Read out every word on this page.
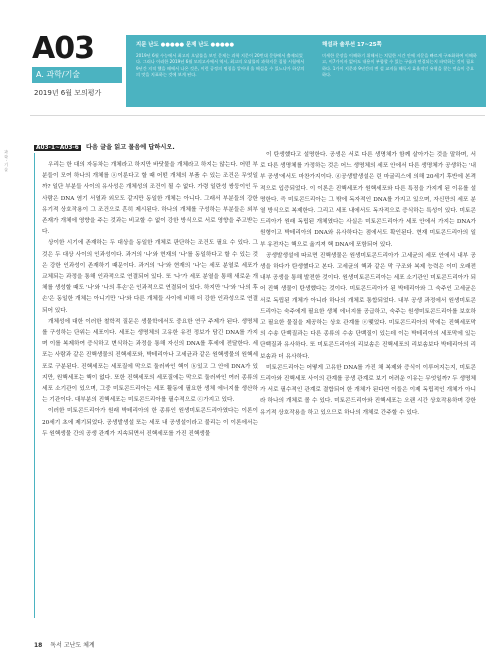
A03
A. 과학/기술
2019년 6월 모의평가
지문 난도 ●●●●● 문제 난도 ●●●●●
2019년 6월 수능에서 최고의 오답률을 보인 문제는 과학 지문이 20번대 문항에서 출제되었다. 그러나 이러한 2019년 6월 모의고사에서 역시, 최고의 오답률의 과학지문 집합 시험에서 9년간 지적 했을 때에서 나온 것은, 이런 공정의 명칭을 알아내 올 해설을 수 있느냐가 하상의의 맛을 지표하는 것에 보게 된다.
해설과 솔루션 17~25쪽
미세한 문장을 이해하기 위해서는 치밀한 시간 안에 지문을 빠르게 구조화하여 이해하고, 이7가이자 없어도 내용이 부합할 수 있는 구술과 연결되는지 파악하는 것이 필요하다. 1가이 지문과 9년간의 변 설 교지를 해독시 효율적인 유형을 찾는 연습이 중요하다.
과학·기술
A03-1~A03-6 다음 글을 읽고 물음에 답하시오.

우리는 한 대의 자동차는 개체라고 하지만 바닷물을 개체라고 하지는 않는다. 어떤 부분들이 모여 하나의 개체를 ⓐ이룬다고 할 때 어떤 개체의 부품 수 있는 조건은 무엇일까? 일단 부분들 사이의 유사성은 개체성의 조건이 될 수 없다. 가령 일란성 쌍둥이인 두 사람은 DNA 염기 서열과 외모도 같지만 동일한 개체는 아니다. 그래서 부분들의 강한 유기적 상호작용이 그 조건으로 흔히 제시된다. 하나의 개체를 구성하는 부분들은 외부 존재가 개체에 영향을 주는 것과는 비교할 수 없이 강한 방식으로 서로 영향을 주고받는다.

상이한 시기에 존재하는 두 대상을 동일한 개체로 판단하는 조건도 필요 수 있다. 그것은 두 대상 사이의 인과성이다. 과거의 '나'와 현재의 '나'를 동일하다고 할 수 있는 것은 강한 인과성이 존재하기 때문이다. 과거의 '나'와 현재의 '나'는 세포 분열로 세포가 교체되는 과정을 통해 인과적으로 연결되어 있다. 또 '나'가 세포 분열을 통해 새로운 개체를 생성할 때도 '나'와 '나의 후손'은 인과적으로 연결되어 있다. 하지만 '나'와 '나의 후손'은 동일한 개체는 아니기만 '나'와 다른 개체들 사이에 비해 더 강한 인과성으로 연결되어 있다.

개체성에 대한 이러한 철학적 질문은 생물학에서도 중요한 연구 주제가 된다. 생명체를 구성하는 단위는 세포이다. 세포는 생명체의 고유한 유전 정보가 담긴 DNA를 가지며 이를 복제하여 증식하고 변식하는 과정을 통해 자신의 DNA를 후세에 전달한다. 세포는 사람과 같은 진핵생물의 진핵세포와, 박테리아나 고세균과 같은 원핵생물의 원핵세포로 구분된다. 진핵세포는 세포질에 막으로 둘러싸인 핵이 ⓑ있고 그 안에 DNA가 있지만, 원핵세포는 핵이 없다. 또한 진핵세포의 세포질에는 막으로 둘러싸인 여러 종류의 세포 소기관이 있으며, 그중 미토콘드리아는 세포 활동에 필요한 생체 에너지를 생산하는 기관이다. 대부분의 진핵세포는 미토콘드리아를 필수적으로 ⓒ가지고 있다.

이러한 미토콘드리아가 원래 박테리아의 한 종류인 원생미토콘드리아였다는 이론이 20세기 초에 제기되었다. 공생발생설 또는 세포 내 공생설이라고 불리는 이 이론에서는 두 원핵생물 간의 공생 관계가 지속되면서 진핵세포를 가진 진핵생물

이 탄생했다고 설명한다. 공생은 서로 다른 생명체가 함께 살아가는 것을 말하며, 서로 다른 생명체를 가정하는 것은 어느 생명체의 세포 안에서 다른 생명체가 공생하는 '내부 공생'에서도 마찬가지이다. ⓓ공생발생설은 린 마굴리스에 의해 20세기 후반에 본격적으로 입증되었다. 이 이론은 진핵세포가 원핵세포와 다른 특징을 가지게 된 이유를 설명한다. 즉 미토콘드리아는 그 밖에 독자적인 DNA를 가지고 있으며, 자신만의 세포 분열 방식으로 복제한다. 그리고 세포 내에서도 독자적으로 증식하는 특성이 있다. 미토콘드리아가 원래 독립된 개체였다는 사실은 미토콘드리아가 세포 안에서 가지는 DNA가 원형이고 박테리아의 DNA와 유사하다는 점에서도 확인된다. 현재 미토콘드리아의 일부 유전자는 핵으로 옮겨져 핵 DNA에 포함되어 있다.

공생발생설에 따르면 진핵생물은 원생미토콘드리아가 고세균의 세포 안에서 내부 공생을 하다가 탄생했다고 본다. 고세균의 핵과 같은 막 구조와 복제 능력은 이미 오래전 내부 공생을 통해 발전한 것이다. 원생미토콘드리아는 세포 소기관인 미토콘드리아가 되어 진핵 생물이 탄생했다는 것이다. 미토콘드리아가 된 박테리아와 그 숙주인 고세균은 서로 독립된 개체가 아니라 하나의 개체로 통합되었다. 내부 공생 과정에서 원생미토콘드리아는 숙주에게 필요한 생체 에너지를 공급하고, 숙주는 원생미토콘드리아를 보호하고 필요한 물질을 제공하는 상호 관계를 ⓔ맺었다. 미토콘드리아의 막에는 진핵세포막의 수송 단백질과는 다른 종류의 수송 단백질이 있는데 이는 박테리아의 세포막에 있는 단백질과 유사하다. 또 미토콘드리아의 리보솜은 진핵세포의 리보솜보다 박테리아의 리보솜과 더 유사하다.

미토콘드리아는 어떻게 고유한 DNA를 가진 채 복제와 증식이 이루어지는지, 미토콘드리아와 진핵세포 사이의 관계를 공생 관계로 보기 어려운 이유는 무엇일까? 두 생명체가 서로 필수적인 관계로 결합되어 한 개체가 된다면 이들은 이제 독립적인 개체가 아니라 하나의 개체로 볼 수 있다. 미토콘드리아와 진핵세포는 오랜 시간 상호작용하며 강한 유기적 상호작용을 하고 있으므로 하나의 개체로 간주할 수 있다.

18 독서 고난도 체계
